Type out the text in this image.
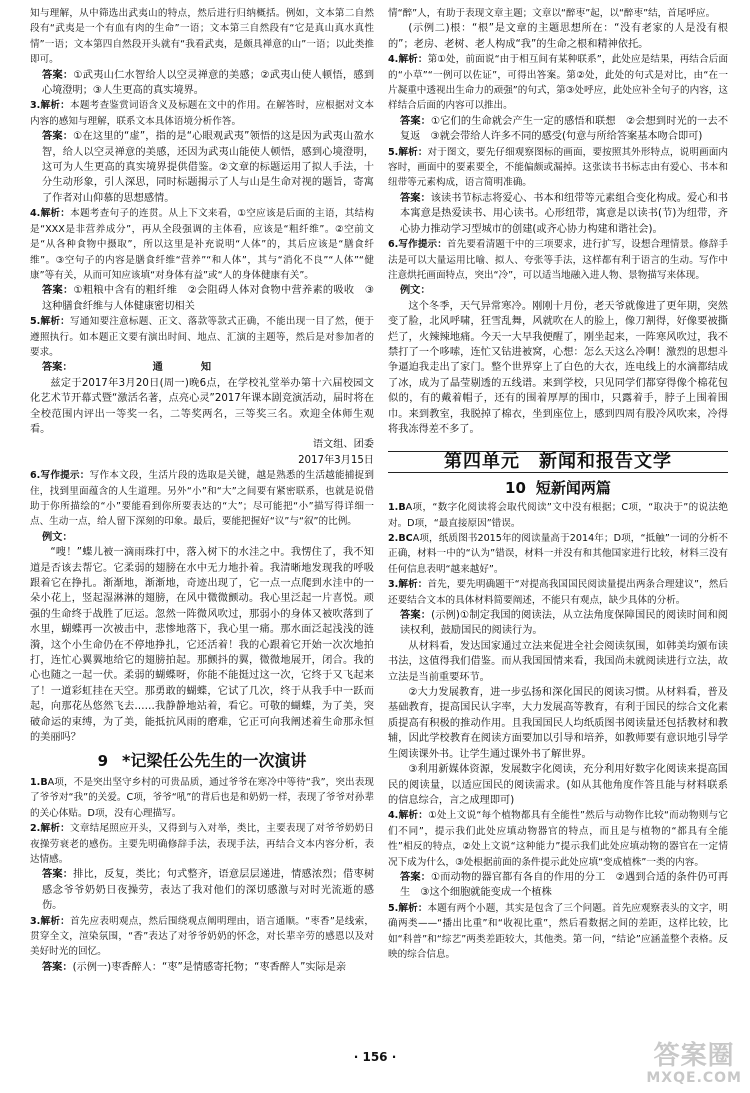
知与理解，从中筛选出武夷山的特点，然后进行归纳概括。例如，文本第二自然段有“武夷是一个有血有肉的生命”一语；文本第三自然段有“它是真山真水真性情”一语；文本第四自然段开头就有“我看武夷，是颇具禅意的山”一语；以此类推即可。

答案：①武夷山仁水智给人以空灵禅意的美感；②武夷山使人顿悟，感到心境澄明；③人生更高的真实境界。

3.解析：本题考查鉴赏词语含义及标题在文中的作用。在解答时，应根据对文本内容的感知与理解，联系文本具体语境分析作答。

答案：①在这里的“虚”，指的是“心眼观武夷”领悟的这是因为武夷山盈水智，给人以空灵禅意的美感，还因为武夷山能使人顿悟，感到心境澄明，这可为人生更高的真实境界提供借鉴。②文章的标题运用了拟人手法，十分生动形象，引人深思，同时标题揭示了人与山是生命对视的题旨，寄寓了作者对山仰慕的思想感情。

4.解析：本题考查句子的连贯。从上下文来看，①空应该是后面的主语，其结构是“XXX是非营养成分”，再从全段强调的主体看，应该是“粗纤维”。②空前文是“从各种食物中摄取”，所以这里是补充说明“人体”的，其后应该是“膳食纤维”。③空句子的内容是膳食纤维“营养”“和人体”，其与“消化不良”“人体”“健康”等有关，从而可知应该填“对身体有益”或“人的身体健康有关”。

答案：①粗粮中含有的粗纤维　②会阻碍人体对食物中营养素的吸收　③这种膳食纤维与人体健康密切相关

5.解析：写通知要注意标题、正文、落款等款式正确，不能出现一目了然，便于遵照执行。如本题正文要有演出时间、地点、汇演的主题等，然后是对参加者的要求。

答案：	通　知

兹定于2017年3月20日(周一)晚6点，在学校礼堂举办第十六届校园文化艺术节开幕式暨“激活名著，点亮心灵”2017年课本剧竞演活动，届时将在全校范围内评出一等奖一名，二等奖两名，三等奖三名。欢迎全体师生观看。

语文组、团委

2017年3月15日

6.写作提示：写作本文段，生活片段的选取是关键，越是熟悉的生活越能捕捉到住，找到里面蕴含的人生道理。另外“小”和“大”之间要有紧密联系，也就是说借助于你所描绘的“小”要能看到你所要表达的“大”；尽可能把“小”描写得详细一点、生动一点，给人留下深刻的印象。最后，要能把握好“议”与“叙”的比例。

例文：

“嗖！”蝶儿被一滴雨珠打中，落入树下的水洼之中。我愣住了，我不知道是否该去帮它。它柔弱的翅膀在水中无力地扑着。我清晰地发现我的呼吸跟着它在挣扎。渐渐地，渐渐地，奇迹出现了，它一点一点爬到水洼中的一朵小花上，竖起湿淋淋的翅膀，在风中微微颤动。我心里泛起一片喜悦。顽强的生命终于战胜了厄运。忽然一阵微风吹过，那弱小的身体又被吹落到了水里，蝴蝶再一次被击中，悲惨地落下，我心里一痛。那水面泛起浅浅的涟漪，这个小生命仍在不停地挣扎，它还活着！我的心跟着它开始一次次地拍打，连忙心翼翼地给它的翅膀拍起。那颤抖的翼，微微地展开，闭合。我的心也随之一起一伏。柔弱的蝴蝶呀，你能不能挺过这一次，它终于又飞起来了！一道彩虹挂在天空。那勇敢的蝴蝶，它试了几次，终于从我手中一跃而起，向那花丛悠然飞去……我静静地站着，看它。可敬的蝴蝶，为了美，突破命运的束缚，为了美，能抵抗风雨的磨难，它正可向我阐述着生命那永恒的美丽吗？

9 *记梁任公先生的一次演讲

1.BA项，不是突出坚守乡村的可贵品质，通过爷爷在寒冷中等待“我”，突出表现了爷爷对“我”的关爱。C项，爷爷“吼”的背后也是和奶奶一样，表现了爷爷对孙辈的关心体贴。D项，没有心理描写。

2.解析：文章结尾照应开头，又得到与入对举，类比，主要表现了对爷爷奶奶日夜操劳衰老的感伤。主要先明确修辞手法，表现手法，再结合文本内容分析，表达情感。

答案：排比，反复，类比；句式整齐，语意层层递进，情感浓烈；借枣树感念爷爷奶奶日夜操劳，表达了我对他们的深切感激与对时光流逝的感伤。

3.解析：首先应表明观点，然后围绕观点阐明理由，语言通顺。“枣香”是线索，贯穿全文，渲染氛围，“香”表达了对爷爷奶奶的怀念，对长辈辛劳的感恩以及对美好时光的回忆。

答案：(示例一)枣香醉人：“枣”是情感寄托物；“枣香醉人”实际是亲

情“醉”人，有助于表现文章主题；文章以“醉枣”起，以“醉枣”结，首尾呼应。

(示例二)根：“根”是文章的主题思想所在：“没有老家的人是没有根的”；老房、老树、老人构成“我”的生命之根和精神依托。

4.解析：第①处，前面说“由于相互间有某种联系”，此处应是结果，再结合后面的“小草”“一例可以佐证”，可得出答案。第②处，此处的句式是对比，由“在一片凝重中透视出生命力的顽强”的句式，第③处呼应，此处应补全句子的内容，这样结合后面的内容可以推出。

答案：①它们的生命就会产生一定的感悟和联想　②会想到时光的一去不复返　③就会带给人许多不同的感受(句意与所给答案基本吻合即可)

5.解析：对于图文，要先仔细观察图标的画面，要按照其外形特点，说明画面内容时，画面中的要素要全，不能偏颇或漏掉。这张读书书标志由有爱心、书本和纽带等元素构成，语言简明准确。

答案：该读书节标志将爱心、书本和纽带等元素组合变化构成。爱心和书本寓意是热爱读书、用心读书。心形纽带，寓意是以读书(节)为纽带，齐心协力推动学习型城市的创建(或齐心协力构建和谐社会)。

6.写作提示：首先要看清题干中的三项要求，进行扩写，设想合理情景。修辞手法是可以大量运用比喻、拟人、夸张等手法，这样都有利于语言的生动。写作中注意烘托画面特点，突出“冷”，可以适当地融入进人物、景物描写来体现。

例文：

这个冬季，天气异常寒冷。刚刚十月份，老天爷就像进了更年期，突然变了脸，北风呼啸，狂雪乱舞，风就吹在人的脸上，像刀割得，好像要被撕烂了，火辣辣地痛。今天一大早我便醒了，刚坐起来，一阵寒风吹过，我不禁打了一个哆嗦，连忙又钻进被窝，心想：怎么天这么冷啊！激烈的思想斗争逼迫我走出了家门。整个世界穿上了白色的大衣，连电线上的水滴都结成了冰，成为了晶莹剔透的五线谱。来到学校，只见同学们都穿得像个棉花包似的，有的戴着帽子，还有的围着厚厚的围巾，只露着手，脖子上围着围巾。来到教室，我脱掉了棉衣，坐到座位上，感到四周有股冷风吹来，冷得将我冻得差不多了。

第四单元　新闻和报告文学
10 短新闻两篇

1.BA项，“数字化阅读将会取代阅读”文中没有根据；C项，“取决于”的说法绝对。D项，“最直接原因”错误。

2.BCA项，纸质图书2015年的阅读量高于2014年；D项，“抵触”一词的分析不正确，材料一中的“认为”错误，材料一并没有和其他国家进行比较，材料三没有任何信息表明“越来越好”。

3.解析：首先，要先明确题干“对提高我国国民阅读量提出两条合理建议”，然后还要结合文本的具体材料简要阐述，不能只有观点，缺少具体的分析。

答案：(示例)①制定我国的阅读法，从立法角度保障国民的阅读时间和阅读权利，鼓励国民的阅读行为。

从材料看，发达国家通过立法来促进全社会阅读氛围，如韩美均颁布读书法，这值得我们借鉴。而从我国国情来看，我国尚未就阅读进行立法，故立法是当前重要环节。

②大力发展教育，进一步弘扬和深化国民的阅读习惯。从材料看，普及基础教育，提高国民认字率，大力发展高等教育，有利于国民的综合文化素质提高有积极的推动作用。且我国国民人均纸质图书阅读量还包括教材和教辅，因此学校教育在阅读方面要加以引导和培养，如教师要有意识地引导学生阅读课外书。让学生通过课外书了解世界。

③利用新媒体资源，发展数字化阅读，充分利用好数字化阅读来提高国民的阅读量，以适应国民的阅读需求。(如从其他角度作答且能与材料联系的信息综合，言之成理即可)

4.解析：①处上文说“每个植物都具有全能性”然后与动物作比较“而动物则与它们不同”，提示我们此处应填动物器官的特点，而且是与植物的“都具有全能性”相反的特点，②处上文说“这种能力”提示我们此处应填动物的器官在一定情况下成为什么，③处根据前面的条件提示此处应填“变成植株”一类的内容。

答案：①而动物的器官都有各自的作用的分工　②遇到合适的条件仍可再生　③这个细胞就能变成一个植株

5.解析：本题有两个小题，其实是包含了三个问题。首先应观察表头的文字，明确两类——“播出比重”和“收视比重”，然后看数据之间的差距，这样比较，比如“科普”和“综艺”两类差距较大，其他类。第一问，“结论”应涵盖整个表格。反映的综合信息。

· 156 ·	答案圈
MXQE.COM
